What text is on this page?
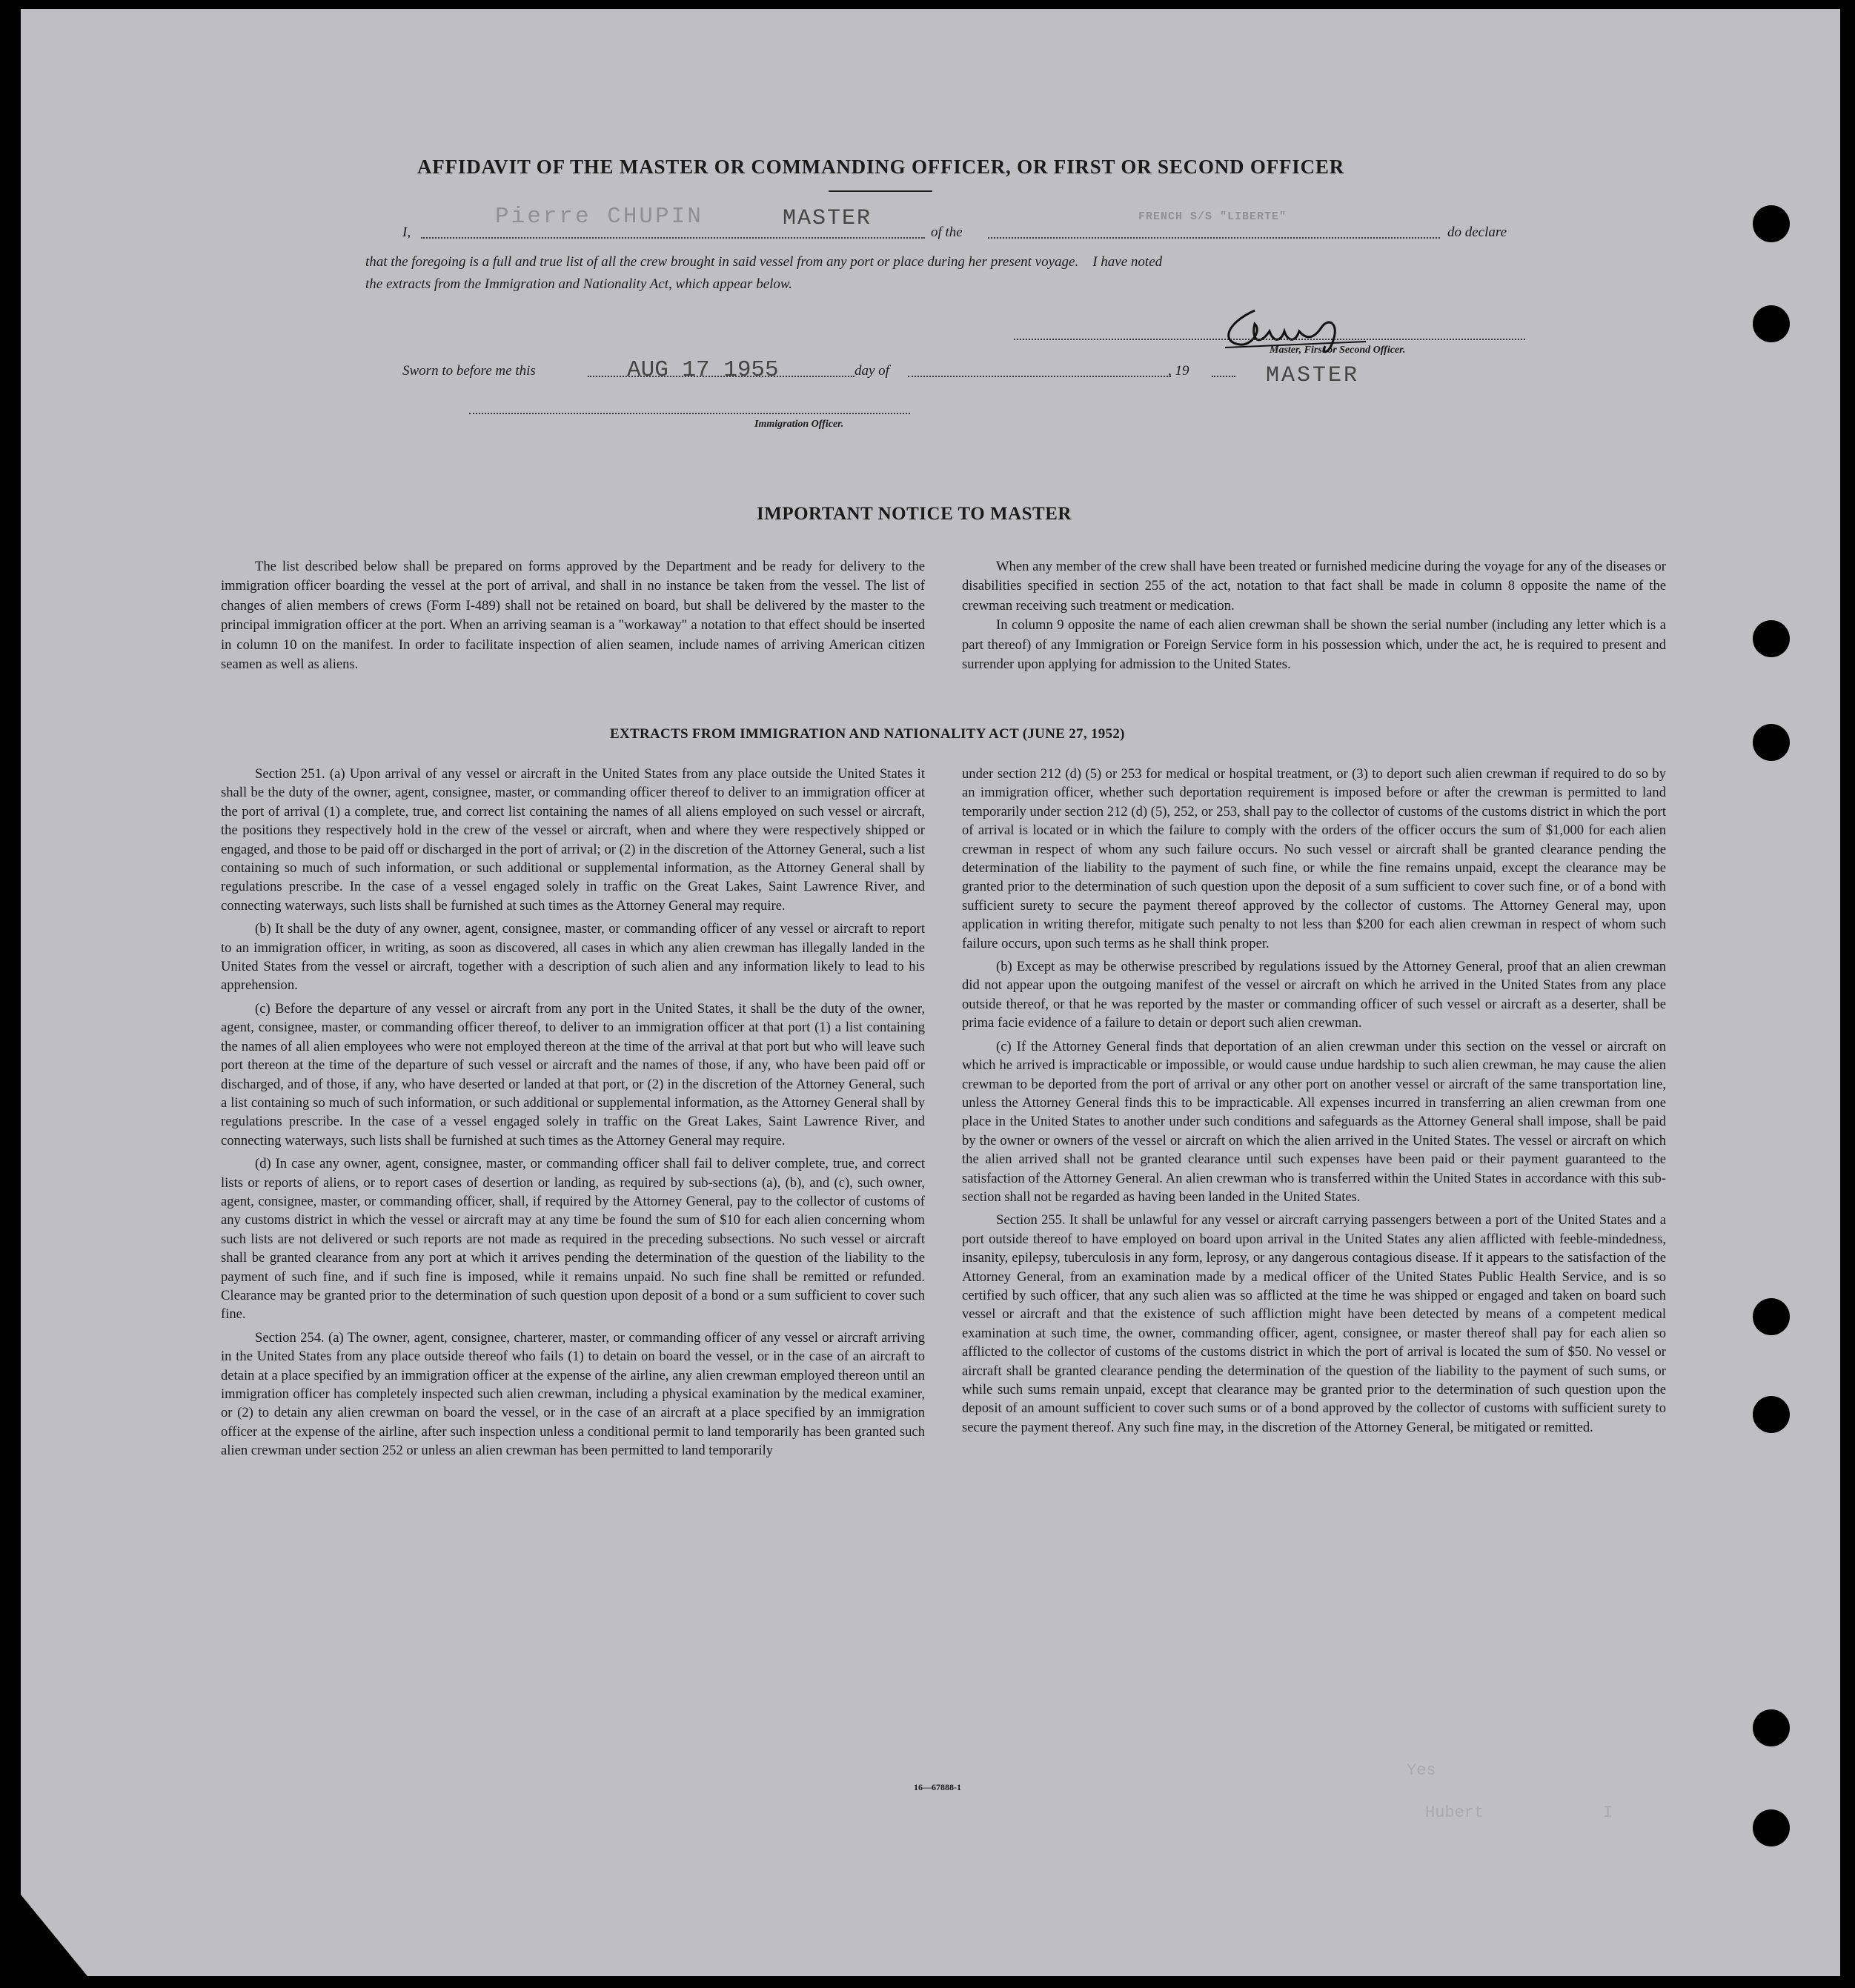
AFFIDAVIT OF THE MASTER OR COMMANDING OFFICER, OR FIRST OR SECOND OFFICER
I,
Pierre CHUPIN	MASTER
of the
FRENCH S/S "LIBERTE"
do declare
that the foregoing is a full and true list of all the crew brought in said vessel from any port or place during her present voyage.    I have noted
the extracts from the Immigration and Nationality Act, which appear below.
Master, First or Second Officer.
Sworn to before me this	AUG 17 1955	day of	, 19	MASTER
Immigration Officer.
IMPORTANT NOTICE TO MASTER

The list described below shall be prepared on forms approved by the Department and be ready for delivery to the immigration officer boarding the vessel at the port of arrival, and shall in no instance be taken from the vessel. The list of changes of alien members of crews (Form I-489) shall not be retained on board, but shall be delivered by the master to the principal immigration officer at the port. When an arriving seaman is a "workaway" a notation to that effect should be inserted in column 10 on the manifest. In order to facilitate inspection of alien seamen, include names of arriving American citizen seamen as well as aliens.

When any member of the crew shall have been treated or furnished medicine during the voyage for any of the diseases or disabilities specified in section 255 of the act, notation to that fact shall be made in column 8 opposite the name of the crewman receiving such treatment or medication.

In column 9 opposite the name of each alien crewman shall be shown the serial number (including any letter which is a part thereof) of any Immigration or Foreign Service form in his possession which, under the act, he is required to present and surrender upon applying for admission to the United States.

EXTRACTS FROM IMMIGRATION AND NATIONALITY ACT (JUNE 27, 1952)

Section 251. (a) Upon arrival of any vessel or aircraft in the United States from any place outside the United States it shall be the duty of the owner, agent, consignee, master, or commanding officer thereof to deliver to an immigration officer at the port of arrival (1) a complete, true, and correct list containing the names of all aliens employed on such vessel or aircraft, the positions they respectively hold in the crew of the vessel or aircraft, when and where they were respectively shipped or engaged, and those to be paid off or discharged in the port of arrival; or (2) in the discretion of the Attorney General, such a list containing so much of such information, or such additional or supplemental information, as the Attorney General shall by regulations prescribe. In the case of a vessel engaged solely in traffic on the Great Lakes, Saint Lawrence River, and connecting waterways, such lists shall be furnished at such times as the Attorney General may require.

(b) It shall be the duty of any owner, agent, consignee, master, or commanding officer of any vessel or aircraft to report to an immigration officer, in writing, as soon as discovered, all cases in which any alien crewman has illegally landed in the United States from the vessel or aircraft, together with a description of such alien and any information likely to lead to his apprehension.

(c) Before the departure of any vessel or aircraft from any port in the United States, it shall be the duty of the owner, agent, consignee, master, or commanding officer thereof, to deliver to an immigration officer at that port (1) a list containing the names of all alien employees who were not employed thereon at the time of the arrival at that port but who will leave such port thereon at the time of the departure of such vessel or aircraft and the names of those, if any, who have been paid off or discharged, and of those, if any, who have deserted or landed at that port, or (2) in the discretion of the Attorney General, such a list containing so much of such information, or such additional or supplemental information, as the Attorney General shall by regulations prescribe. In the case of a vessel engaged solely in traffic on the Great Lakes, Saint Lawrence River, and connecting waterways, such lists shall be furnished at such times as the Attorney General may require.

(d) In case any owner, agent, consignee, master, or commanding officer shall fail to deliver complete, true, and correct lists or reports of aliens, or to report cases of desertion or landing, as required by sub-sections (a), (b), and (c), such owner, agent, consignee, master, or commanding officer, shall, if required by the Attorney General, pay to the collector of customs of any customs district in which the vessel or aircraft may at any time be found the sum of $10 for each alien concerning whom such lists are not delivered or such reports are not made as required in the preceding subsections. No such vessel or aircraft shall be granted clearance from any port at which it arrives pending the determination of the question of the liability to the payment of such fine, and if such fine is imposed, while it remains unpaid. No such fine shall be remitted or refunded. Clearance may be granted prior to the determination of such question upon deposit of a bond or a sum sufficient to cover such fine.

Section 254. (a) The owner, agent, consignee, charterer, master, or commanding officer of any vessel or aircraft arriving in the United States from any place outside thereof who fails (1) to detain on board the vessel, or in the case of an aircraft to detain at a place specified by an immigration officer at the expense of the airline, any alien crewman employed thereon until an immigration officer has completely inspected such alien crewman, including a physical examination by the medical examiner, or (2) to detain any alien crewman on board the vessel, or in the case of an aircraft at a place specified by an immigration officer at the expense of the airline, after such inspection unless a conditional permit to land temporarily has been granted such alien crewman under section 252 or unless an alien crewman has been permitted to land temporarily

under section 212 (d) (5) or 253 for medical or hospital treatment, or (3) to deport such alien crewman if required to do so by an immigration officer, whether such deportation requirement is imposed before or after the crewman is permitted to land temporarily under section 212 (d) (5), 252, or 253, shall pay to the collector of customs of the customs district in which the port of arrival is located or in which the failure to comply with the orders of the officer occurs the sum of $1,000 for each alien crewman in respect of whom any such failure occurs. No such vessel or aircraft shall be granted clearance pending the determination of the liability to the payment of such fine, or while the fine remains unpaid, except the clearance may be granted prior to the determination of such question upon the deposit of a sum sufficient to cover such fine, or of a bond with sufficient surety to secure the payment thereof approved by the collector of customs. The Attorney General may, upon application in writing therefor, mitigate such penalty to not less than $200 for each alien crewman in respect of whom such failure occurs, upon such terms as he shall think proper.

(b) Except as may be otherwise prescribed by regulations issued by the Attorney General, proof that an alien crewman did not appear upon the outgoing manifest of the vessel or aircraft on which he arrived in the United States from any place outside thereof, or that he was reported by the master or commanding officer of such vessel or aircraft as a deserter, shall be prima facie evidence of a failure to detain or deport such alien crewman.

(c) If the Attorney General finds that deportation of an alien crewman under this section on the vessel or aircraft on which he arrived is impracticable or impossible, or would cause undue hardship to such alien crewman, he may cause the alien crewman to be deported from the port of arrival or any other port on another vessel or aircraft of the same transportation line, unless the Attorney General finds this to be impracticable. All expenses incurred in transferring an alien crewman from one place in the United States to another under such conditions and safeguards as the Attorney General shall impose, shall be paid by the owner or owners of the vessel or aircraft on which the alien arrived in the United States. The vessel or aircraft on which the alien arrived shall not be granted clearance until such expenses have been paid or their payment guaranteed to the satisfaction of the Attorney General. An alien crewman who is transferred within the United States in accordance with this sub-section shall not be regarded as having been landed in the United States.

Section 255. It shall be unlawful for any vessel or aircraft carrying passengers between a port of the United States and a port outside thereof to have employed on board upon arrival in the United States any alien afflicted with feeble-mindedness, insanity, epilepsy, tuberculosis in any form, leprosy, or any dangerous contagious disease. If it appears to the satisfaction of the Attorney General, from an examination made by a medical officer of the United States Public Health Service, and is so certified by such officer, that any such alien was so afflicted at the time he was shipped or engaged and taken on board such vessel or aircraft and that the existence of such affliction might have been detected by means of a competent medical examination at such time, the owner, commanding officer, agent, consignee, or master thereof shall pay for each alien so afflicted to the collector of customs of the customs district in which the port of arrival is located the sum of $50. No vessel or aircraft shall be granted clearance pending the determination of the question of the liability to the payment of such sums, or while such sums remain unpaid, except that clearance may be granted prior to the determination of such question upon the deposit of an amount sufficient to cover such sums or of a bond approved by the collector of customs with sufficient surety to secure the payment thereof. Any such fine may, in the discretion of the Attorney General, be mitigated or remitted.

16—67888-1
Yes
Hubert	I
